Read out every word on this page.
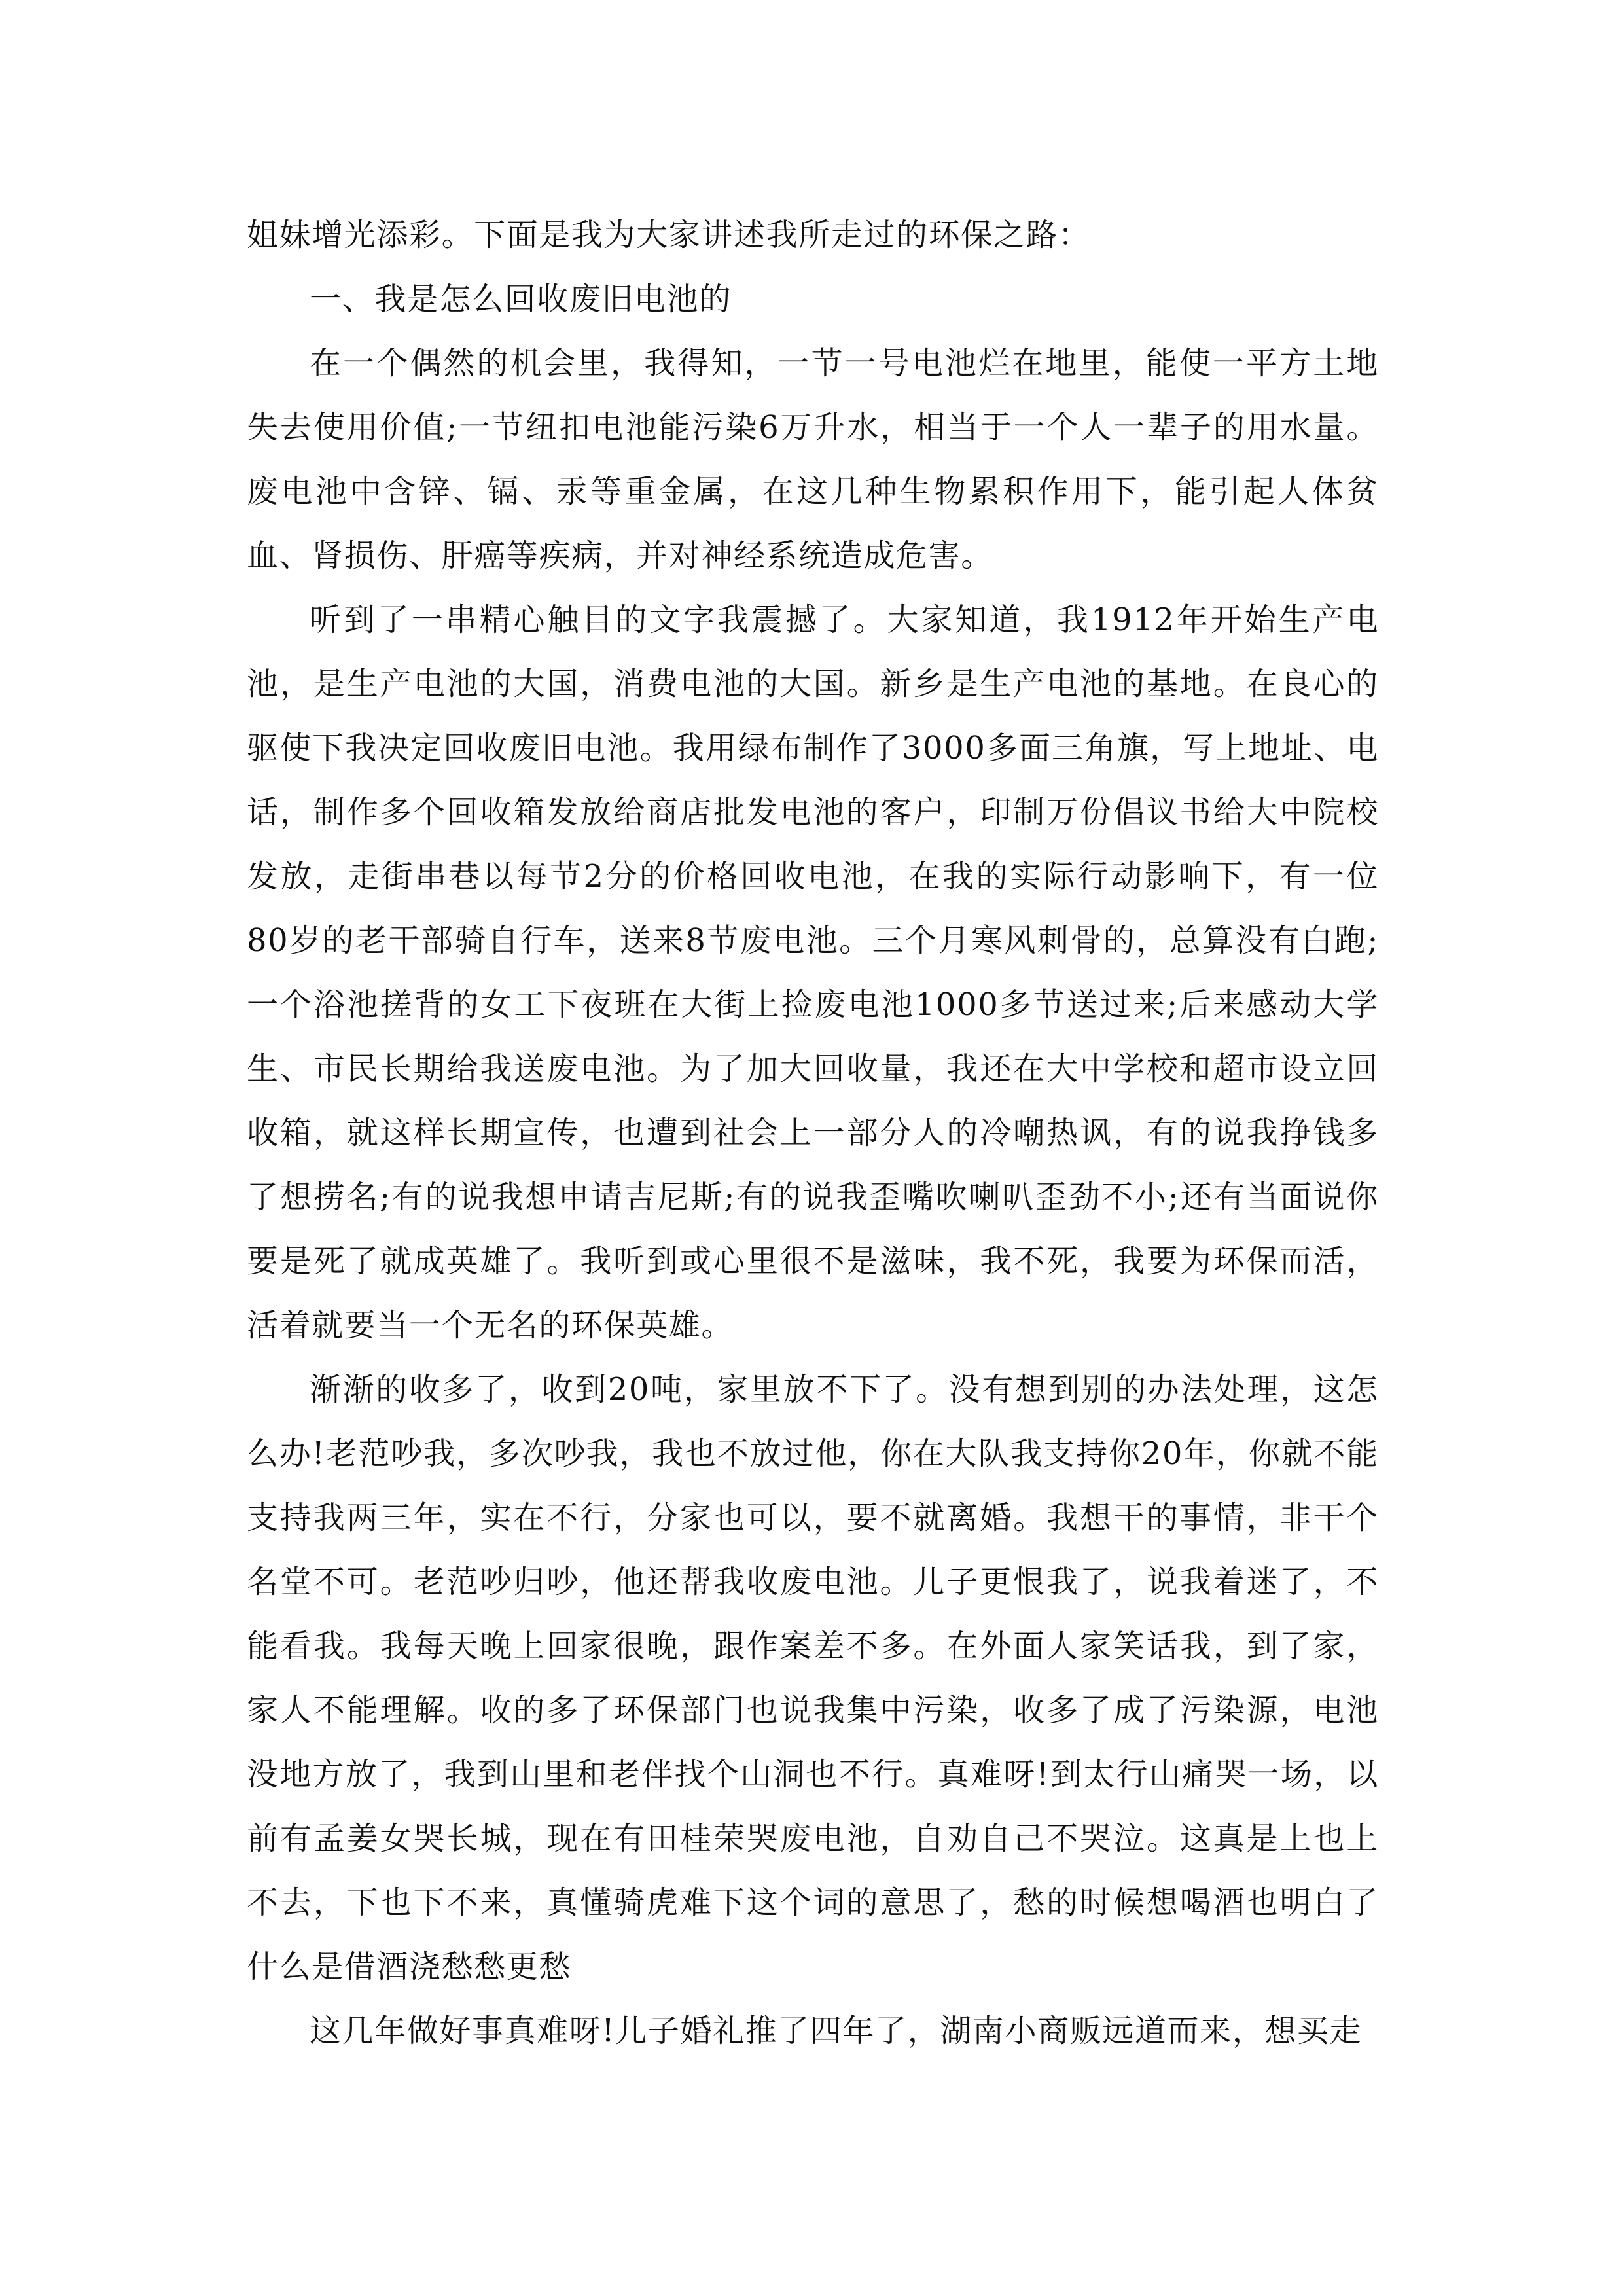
姐妹增光添彩。下面是我为大家讲述我所走过的环保之路：

一、我是怎么回收废旧电池的

在一个偶然的机会里，我得知，一节一号电池烂在地里，能使一平方土地失去使用价值;一节纽扣电池能污染6万升水，相当于一个人一辈子的用水量。废电池中含锌、镉、汞等重金属，在这几种生物累积作用下，能引起人体贫血、肾损伤、肝癌等疾病，并对神经系统造成危害。

听到了一串精心触目的文字我震撼了。大家知道，我1912年开始生产电池，是生产电池的大国，消费电池的大国。新乡是生产电池的基地。在良心的驱使下我决定回收废旧电池。我用绿布制作了3000多面三角旗，写上地址、电话，制作多个回收箱发放给商店批发电池的客户，印制万份倡议书给大中院校发放，走街串巷以每节2分的价格回收电池，在我的实际行动影响下，有一位80岁的老干部骑自行车，送来8节废电池。三个月寒风刺骨的，总算没有白跑;一个浴池搓背的女工下夜班在大街上捡废电池1000多节送过来;后来感动大学生、市民长期给我送废电池。为了加大回收量，我还在大中学校和超市设立回收箱，就这样长期宣传，也遭到社会上一部分人的冷嘲热讽，有的说我挣钱多了想捞名;有的说我想申请吉尼斯;有的说我歪嘴吹喇叭歪劲不小;还有当面说你要是死了就成英雄了。我听到或心里很不是滋味，我不死，我要为环保而活，活着就要当一个无名的环保英雄。

渐渐的收多了，收到20吨，家里放不下了。没有想到别的办法处理，这怎么办!老范吵我，多次吵我，我也不放过他，你在大队我支持你20年，你就不能支持我两三年，实在不行，分家也可以，要不就离婚。我想干的事情，非干个名堂不可。老范吵归吵，他还帮我收废电池。儿子更恨我了，说我着迷了，不能看我。我每天晚上回家很晚，跟作案差不多。在外面人家笑话我，到了家，家人不能理解。收的多了环保部门也说我集中污染，收多了成了污染源，电池没地方放了，我到山里和老伴找个山洞也不行。真难呀!到太行山痛哭一场，以前有孟姜女哭长城，现在有田桂荣哭废电池，自劝自己不哭泣。这真是上也上不去，下也下不来，真懂骑虎难下这个词的意思了，愁的时候想喝酒也明白了什么是借酒浇愁愁更愁

这几年做好事真难呀!儿子婚礼推了四年了，湖南小商贩远道而来，想买走
